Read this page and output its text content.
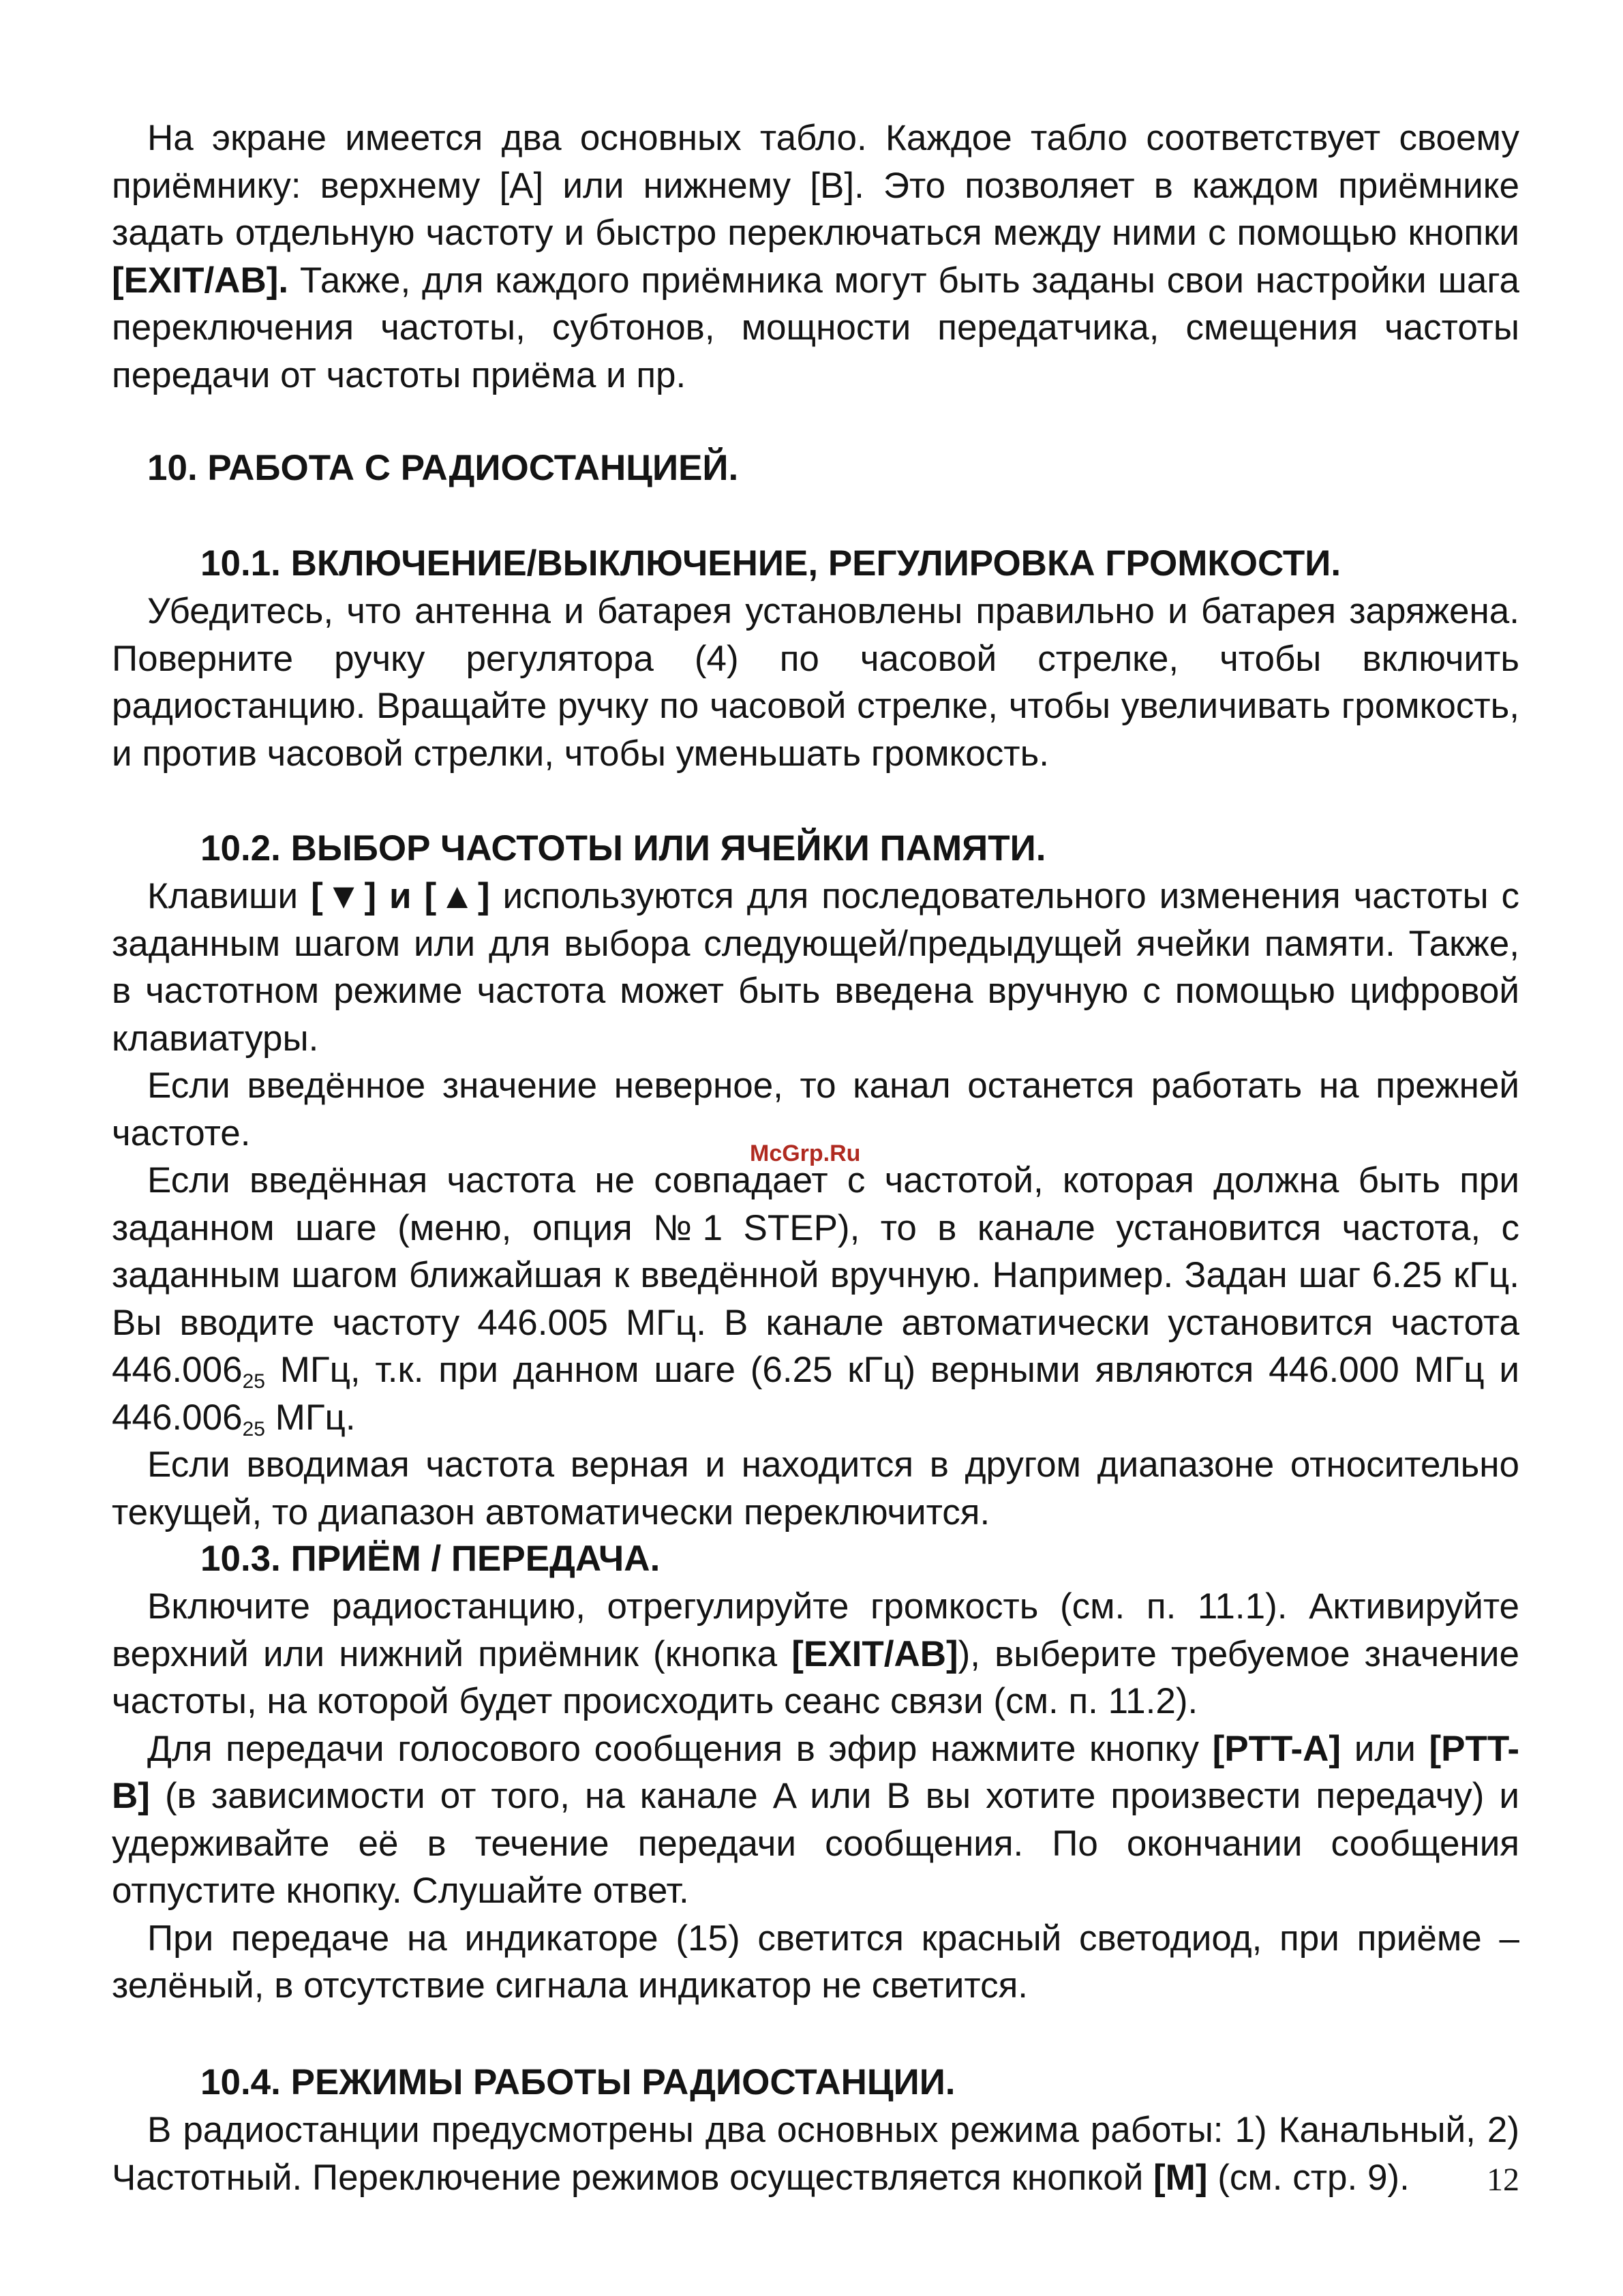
На экране имеется два основных табло. Каждое табло соответствует своему приёмнику: верхнему [A] или нижнему [B]. Это позволяет в каждом приёмнике задать отдельную частоту и быстро переключаться между ними с помощью кнопки [EXIT/AB]. Также, для каждого приёмника могут быть заданы свои настройки шага переключения частоты, субтонов, мощности передатчика, смещения частоты передачи от частоты приёма и пр.

10. РАБОТА С РАДИОСТАНЦИЕЙ.
10.1. ВКЛЮЧЕНИЕ/ВЫКЛЮЧЕНИЕ, РЕГУЛИРОВКА ГРОМКОСТИ.

Убедитесь, что антенна и батарея установлены правильно и батарея заряжена. Поверните ручку регулятора (4) по часовой стрелке, чтобы включить радиостанцию. Вращайте ручку по часовой стрелке, чтобы увеличивать громкость, и против часовой стрелки, чтобы уменьшать громкость.

10.2. ВЫБОР ЧАСТОТЫ ИЛИ ЯЧЕЙКИ ПАМЯТИ.

Клавиши [▼] и [▲] используются для последовательного изменения частоты с заданным шагом или для выбора следующей/предыдущей ячейки памяти. Также, в частотном режиме частота может быть введена вручную с помощью цифровой клавиатуры.

Если введённое значение неверное, то канал останется работать на прежней частоте.

Если введённая частота не совпадает с частотой, которая должна быть при заданном шаге (меню, опция №1 STEP), то в канале установится частота, с заданным шагом ближайшая к введённой вручную. Например. Задан шаг 6.25 кГц. Вы вводите частоту 446.005 МГц. В канале автоматически установится частота $446.006_{25}$ МГц, т.к. при данном шаге (6.25 кГц) верными являются 446.000 МГц и $446.006_{25}$ МГц.

Если вводимая частота верная и находится в другом диапазоне относительно текущей, то диапазон автоматически переключится.

McGrp.Ru
10.3. ПРИЁМ / ПЕРЕДАЧА.

Включите радиостанцию, отрегулируйте громкость (см. п. 11.1). Активируйте верхний или нижний приёмник (кнопка [EXIT/AB]), выберите требуемое значение частоты, на которой будет происходить сеанс связи (см. п. 11.2).

Для передачи голосового сообщения в эфир нажмите кнопку [PTT-A] или [PTT-B] (в зависимости от того, на канале A или B вы хотите произвести передачу) и удерживайте её в течение передачи сообщения. По окончании сообщения отпустите кнопку. Слушайте ответ.

При передаче на индикаторе (15) светится красный светодиод, при приёме – зелёный, в отсутствие сигнала индикатор не светится.

10.4. РЕЖИМЫ РАБОТЫ РАДИОСТАНЦИИ.

В радиостанции предусмотрены два основных режима работы: 1) Канальный, 2) Частотный. Переключение режимов осуществляется кнопкой [M] (см. стр. 9).	12
